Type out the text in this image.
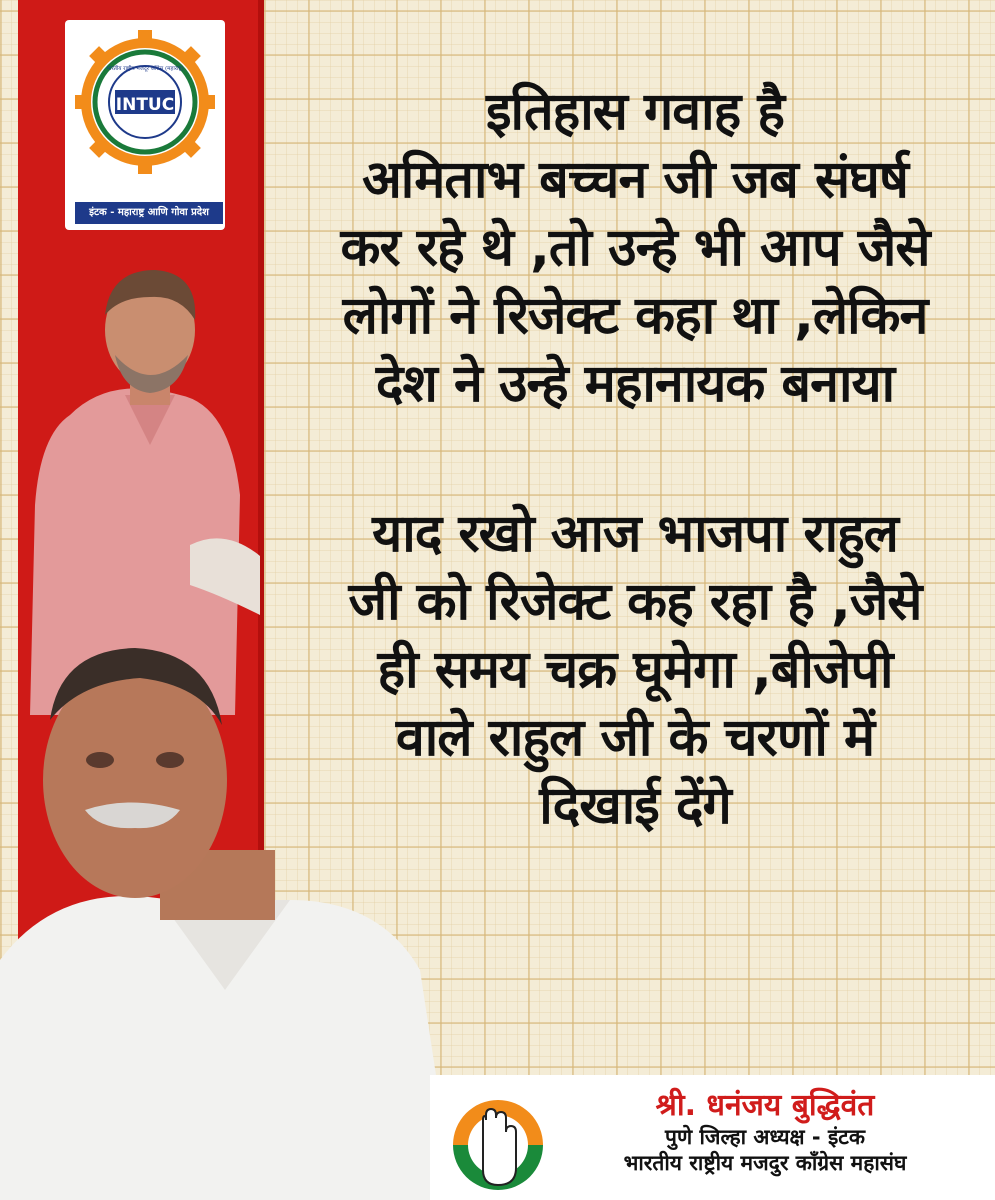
INTUC
भारतीय राष्ट्रीय मजदूर काँग्रेस (महाराष्ट्र)
इंटक - महाराष्ट्र आणि गोवा प्रदेश

इतिहास गवाह है

अमिताभ बच्चन जी जब संघर्ष

कर रहे थे ,तो उन्हे भी आप जैसे

लोगों ने रिजेक्ट कहा था ,लेकिन

देश ने उन्हे महानायक बनाया

याद रखो आज भाजपा राहुल

जी को रिजेक्ट कह रहा है ,जैसे

ही समय चक्र घूमेगा ,बीजेपी

वाले राहुल जी के चरणों में

दिखाई देंगे

श्री. धनंजय बुद्धिवंत
पुणे जिल्हा अध्यक्ष - इंटक
भारतीय राष्ट्रीय मजदुर कॉंग्रेस महासंघ
